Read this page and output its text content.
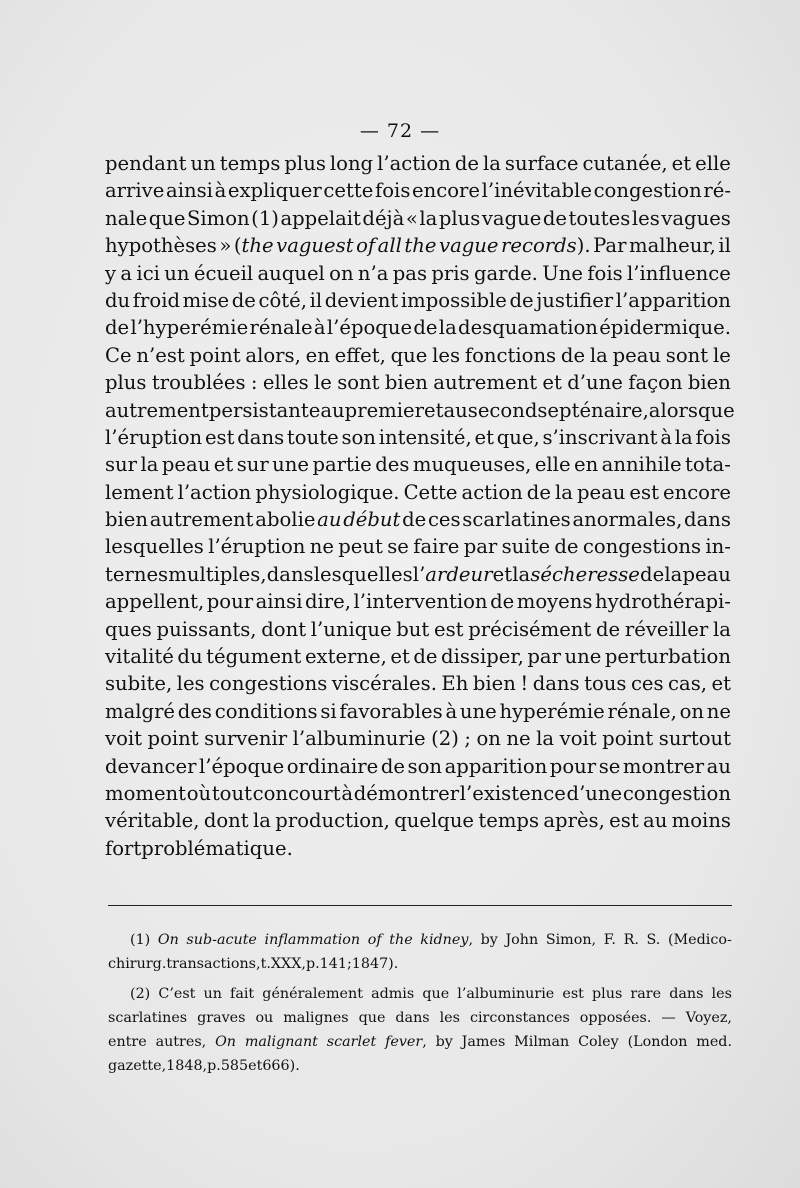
— 72 —
pendant un temps plus long l’action de la surface cutanée, et elle
arrive ainsi à expliquer cette fois encore l’inévitable congestion ré-
nale que Simon (1) appelait déjà « la plus vague de toutes les vagues
hypothèses » (the vaguest of all the vague records). Par malheur, il
y a ici un écueil auquel on n’a pas pris garde. Une fois l’influence
du froid mise de côté, il devient impossible de justifier l’apparition
de l’hyperémie rénale à l’époque de la desquamation épidermique.
Ce n’est point alors, en effet, que les fonctions de la peau sont le
plus troublées : elles le sont bien autrement et d’une façon bien
autrement persistante au premier et au second septénaire, alors que
l’éruption est dans toute son intensité, et que, s’inscrivant à la fois
sur la peau et sur une partie des muqueuses, elle en annihile tota-
lement l’action physiologique. Cette action de la peau est encore
bien autrement abolie au début de ces scarlatines anormales, dans
lesquelles l’éruption ne peut se faire par suite de congestions in-
ternes multiples, dans lesquelles l’ardeur et la sécheresse de la peau
appellent, pour ainsi dire, l’intervention de moyens hydrothérapi-
ques puissants, dont l’unique but est précisément de réveiller la
vitalité du tégument externe, et de dissiper, par une perturbation
subite, les congestions viscérales. Eh bien ! dans tous ces cas, et
malgré des conditions si favorables à une hyperémie rénale, on ne
voit point survenir l’albuminurie (2) ; on ne la voit point surtout
devancer l’époque ordinaire de son apparition pour se montrer au
moment où tout concourt à démontrer l’existence d’une congestion
véritable, dont la production, quelque temps après, est au moins
fort problématique.
(1) On sub-acute inflammation of the kidney, by John Simon, F. R. S. (Medico-
chirurg. transactions, t. XXX, p. 141 ; 1847).
(2) C’est un fait généralement admis que l’albuminurie est plus rare dans les
scarlatines graves ou malignes que dans les circonstances opposées. — Voyez,
entre autres, On malignant scarlet fever, by James Milman Coley (London med.
gazette, 1848, p. 585 et 666).
